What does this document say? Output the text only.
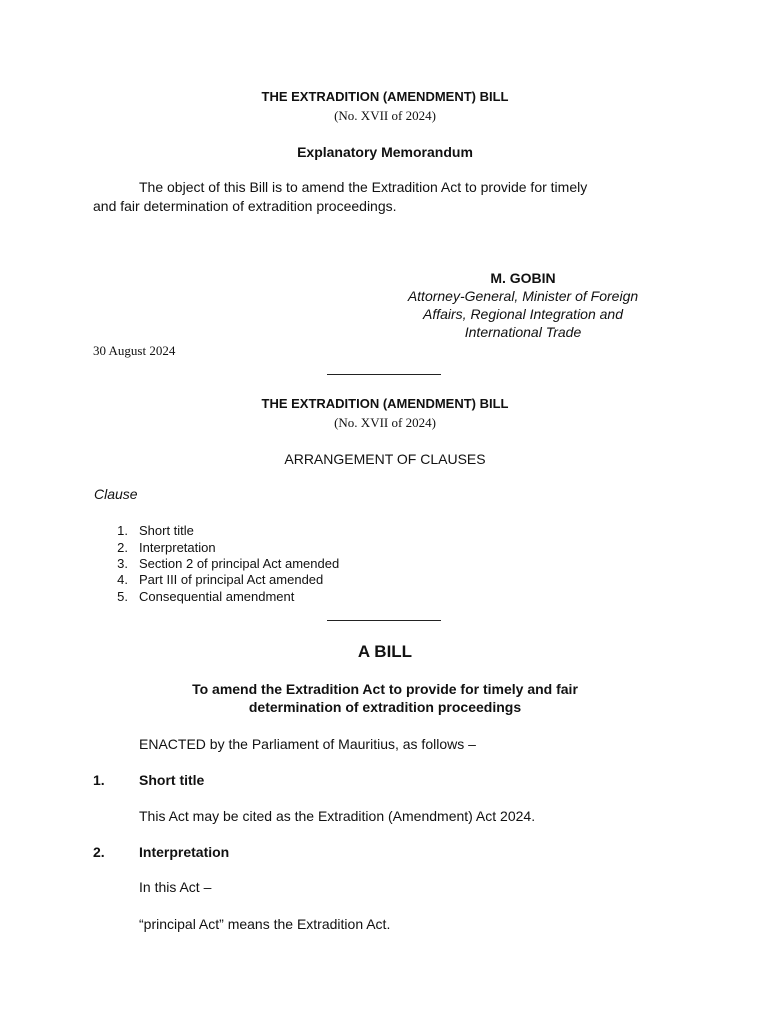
THE EXTRADITION (AMENDMENT) BILL
(No. XVII of 2024)
Explanatory Memorandum
The object of this Bill is to amend the Extradition Act to provide for timely
and fair determination of extradition proceedings.
M. GOBIN
Attorney-General, Minister of Foreign
Affairs, Regional Integration and
International Trade
30 August 2024
THE EXTRADITION (AMENDMENT) BILL
(No. XVII of 2024)
ARRANGEMENT OF CLAUSES
Clause
1. Short title
2. Interpretation
3. Section 2 of principal Act amended
4. Part III of principal Act amended
5. Consequential amendment
A BILL
To amend the Extradition Act to provide for timely and fair
determination of extradition proceedings
ENACTED by the Parliament of Mauritius, as follows –
1. Short title
This Act may be cited as the Extradition (Amendment) Act 2024.
2. Interpretation
In this Act –
“principal Act” means the Extradition Act.
